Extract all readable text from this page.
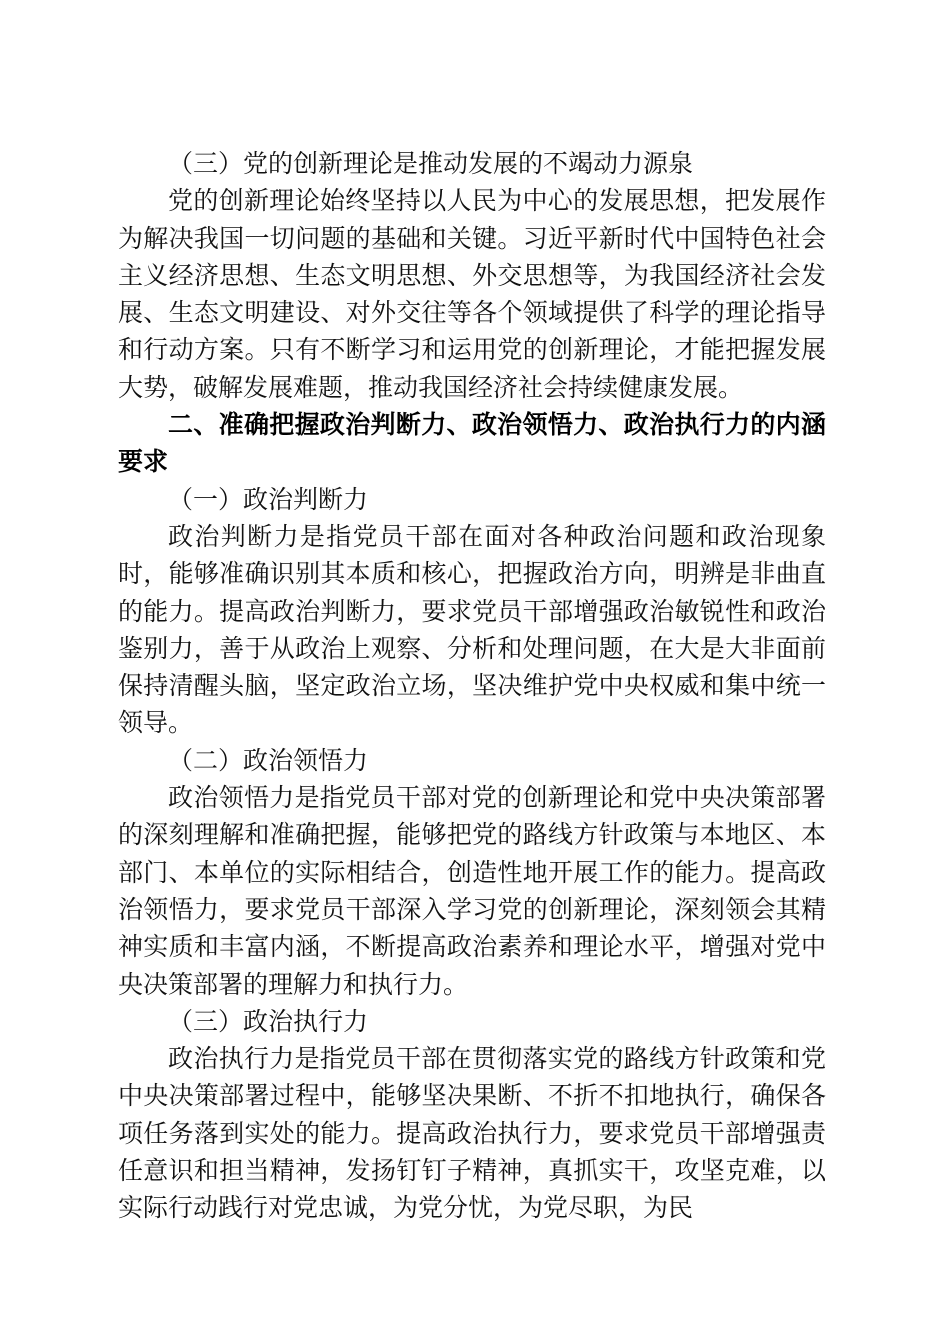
（三）党的创新理论是推动发展的不竭动力源泉

党的创新理论始终坚持以人民为中心的发展思想，把发展作为解决我国一切问题的基础和关键。习近平新时代中国特色社会主义经济思想、生态文明思想、外交思想等，为我国经济社会发展、生态文明建设、对外交往等各个领域提供了科学的理论指导和行动方案。只有不断学习和运用党的创新理论，才能把握发展大势，破解发展难题，推动我国经济社会持续健康发展。

二、准确把握政治判断力、政治领悟力、政治执行力的内涵要求

（一）政治判断力

政治判断力是指党员干部在面对各种政治问题和政治现象时，能够准确识别其本质和核心，把握政治方向，明辨是非曲直的能力。提高政治判断力，要求党员干部增强政治敏锐性和政治鉴别力，善于从政治上观察、分析和处理问题，在大是大非面前保持清醒头脑，坚定政治立场，坚决维护党中央权威和集中统一领导。

（二）政治领悟力

政治领悟力是指党员干部对党的创新理论和党中央决策部署的深刻理解和准确把握，能够把党的路线方针政策与本地区、本部门、本单位的实际相结合，创造性地开展工作的能力。提高政治领悟力，要求党员干部深入学习党的创新理论，深刻领会其精神实质和丰富内涵，不断提高政治素养和理论水平，增强对党中央决策部署的理解力和执行力。

（三）政治执行力

政治执行力是指党员干部在贯彻落实党的路线方针政策和党中央决策部署过程中，能够坚决果断、不折不扣地执行，确保各项任务落到实处的能力。提高政治执行力，要求党员干部增强责任意识和担当精神，发扬钉钉子精神，真抓实干，攻坚克难，以实际行动践行对党忠诚，为党分忧，为党尽职，为民
